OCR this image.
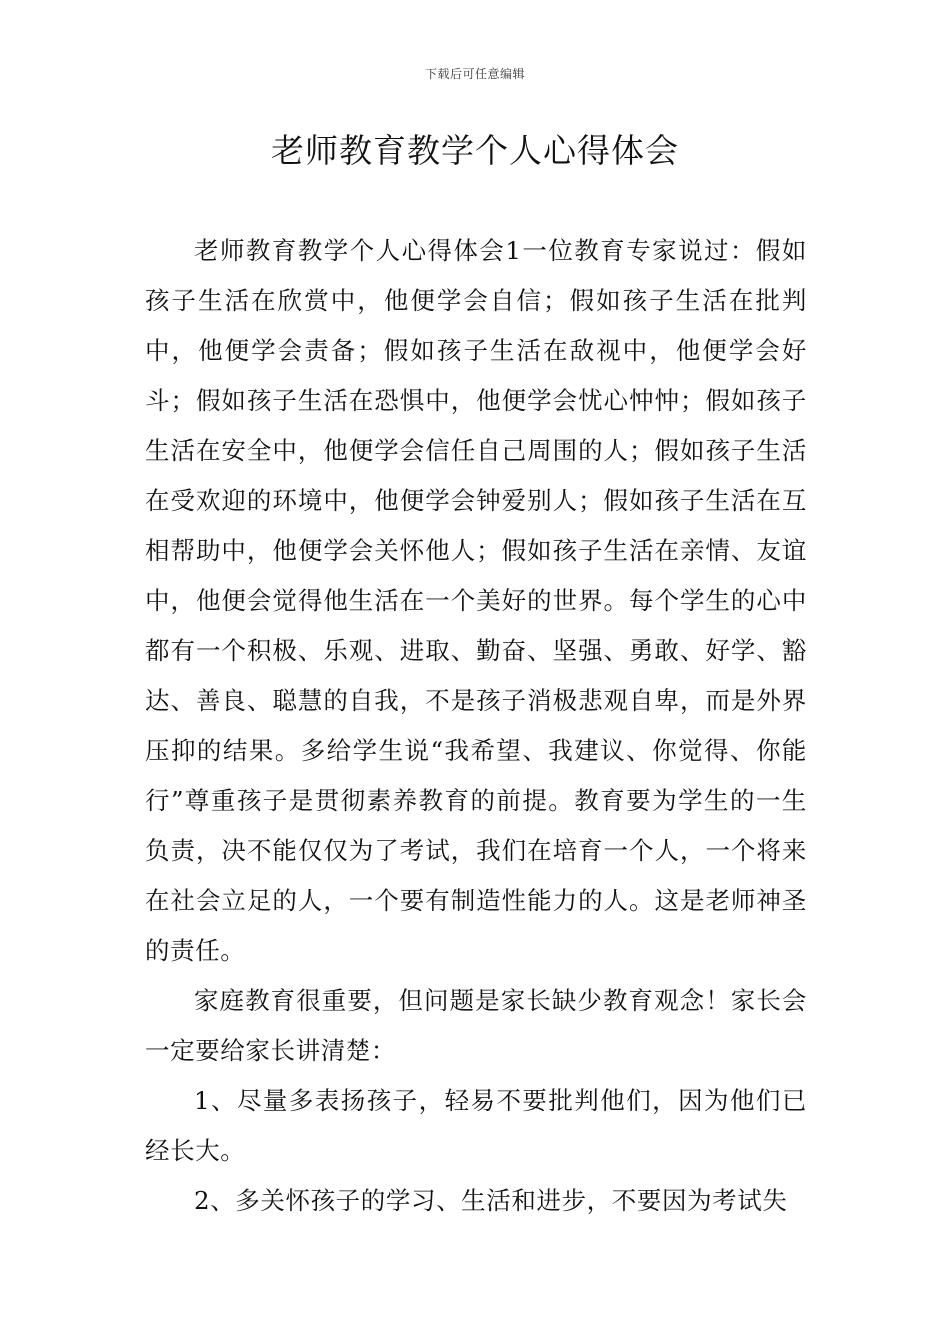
下载后可任意编辑
老师教育教学个人心得体会

老师教育教学个人心得体会1一位教育专家说过：假如孩子生活在欣赏中，他便学会自信；假如孩子生活在批判中，他便学会责备；假如孩子生活在敌视中，他便学会好斗；假如孩子生活在恐惧中，他便学会忧心忡忡；假如孩子生活在安全中，他便学会信任自己周围的人；假如孩子生活在受欢迎的环境中，他便学会钟爱别人；假如孩子生活在互相帮助中，他便学会关怀他人；假如孩子生活在亲情、友谊中，他便会觉得他生活在一个美好的世界。每个学生的心中都有一个积极、乐观、进取、勤奋、坚强、勇敢、好学、豁达、善良、聪慧的自我，不是孩子消极悲观自卑，而是外界压抑的结果。多给学生说“我希望、我建议、你觉得、你能行”尊重孩子是贯彻素养教育的前提。教育要为学生的一生负责，决不能仅仅为了考试，我们在培育一个人，一个将来在社会立足的人，一个要有制造性能力的人。这是老师神圣的责任。

家庭教育很重要，但问题是家长缺少教育观念！家长会一定要给家长讲清楚：

1、尽量多表扬孩子，轻易不要批判他们，因为他们已经长大。

2、多关怀孩子的学习、生活和进步，不要因为考试失
